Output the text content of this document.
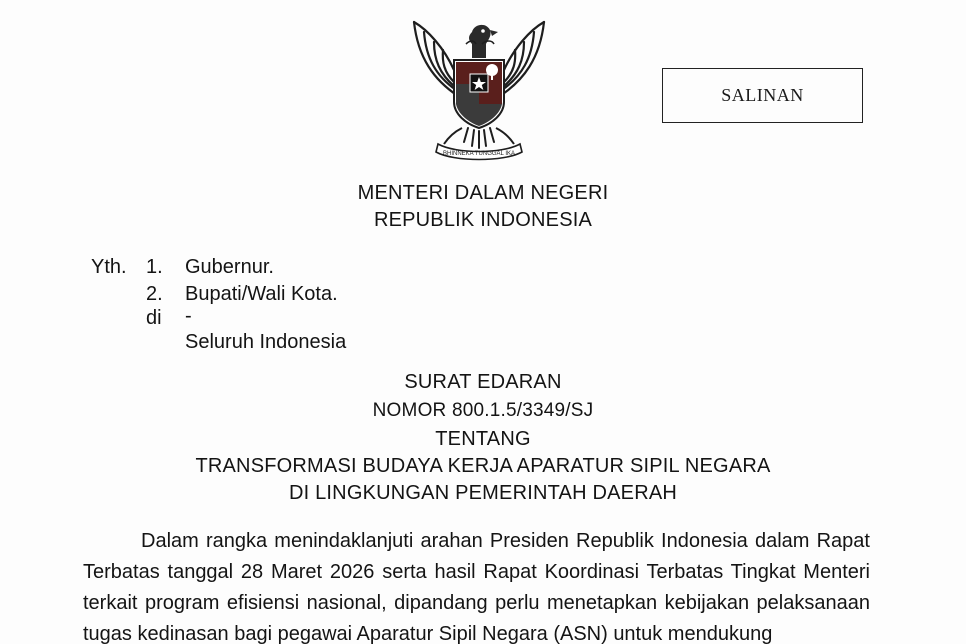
BHINNEKA TUNGGAL IKA
SALINAN
MENTERI DALAM NEGERI
REPUBLIK INDONESIA
Yth. 1. Gubernur.
2. Bupati/Wali Kota.
di -
Seluruh Indonesia
SURAT EDARAN
NOMOR 800.1.5/3349/SJ
TENTANG
TRANSFORMASI BUDAYA KERJA APARATUR SIPIL NEGARA
DI LINGKUNGAN PEMERINTAH DAERAH

Dalam rangka menindaklanjuti arahan Presiden Republik Indonesia dalam Rapat Terbatas tanggal 28 Maret 2026 serta hasil Rapat Koordinasi Terbatas Tingkat Menteri terkait program efisiensi nasional, dipandang perlu menetapkan kebijakan pelaksanaan tugas kedinasan bagi pegawai Aparatur Sipil Negara (ASN) untuk mendukung
